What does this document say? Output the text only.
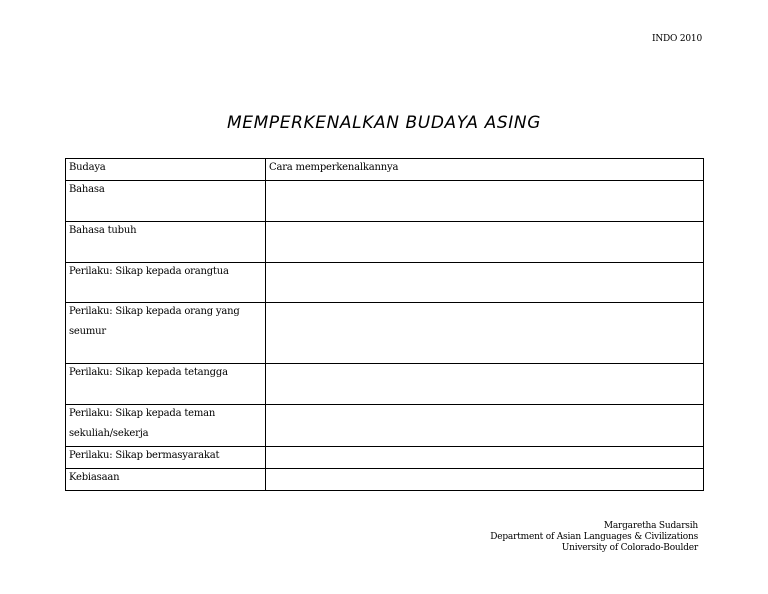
INDO 2010
MEMPERKENALKAN BUDAYA ASING
Budaya	Cara memperkenalkannya

Bahasa	

Bahasa tubuh	

Perilaku: Sikap kepada orangtua	

Perilaku: Sikap kepada orang yang seumur	

Perilaku: Sikap kepada tetangga	

Perilaku: Sikap kepada teman sekuliah/sekerja	

Perilaku: Sikap bermasyarakat	

Kebiasaan	

Margaretha Sudarsih
Department of Asian Languages & Civilizations
University of Colorado-Boulder
